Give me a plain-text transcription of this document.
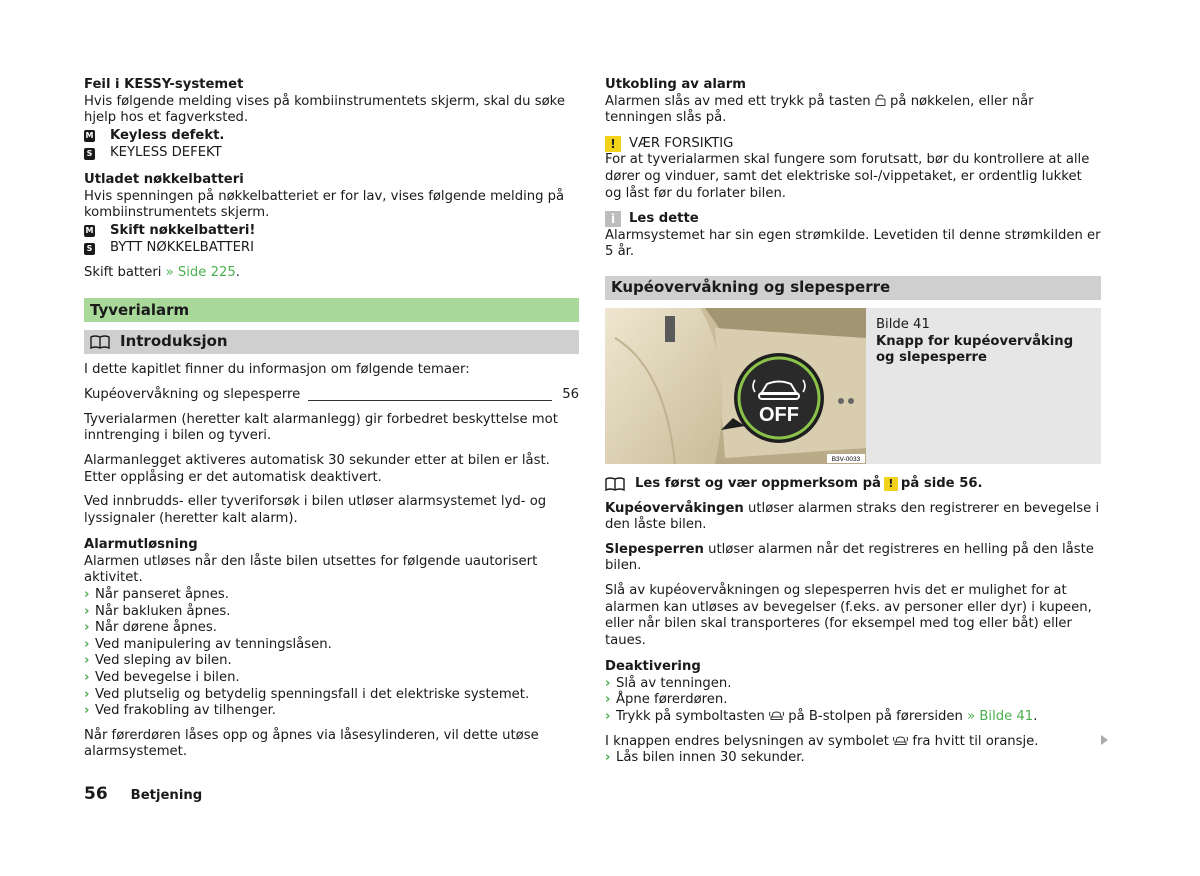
Feil i KESSY-systemet

Hvis følgende melding vises på kombiinstrumentets skjerm, skal du søke hjelp hos et fagverksted.

M Keyless defekt.
S KEYLESS DEFEKT

Utladet nøkkelbatteri

Hvis spenningen på nøkkelbatteriet er for lav, vises følgende melding på kombiinstrumentets skjerm.

M Skift nøkkelbatteri!
S BYTT NØKKELBATTERI

Skift batteri » Side 225.

Tyverialarm
Introduksjon

I dette kapitlet finner du informasjon om følgende temaer:

Kupéovervåkning og slepesperre	56

Tyverialarmen (heretter kalt alarmanlegg) gir forbedret beskyttelse mot inntrenging i bilen og tyveri.

Alarmanlegget aktiveres automatisk 30 sekunder etter at bilen er låst. Etter opplåsing er det automatisk deaktivert.

Ved innbrudds- eller tyveriforsøk i bilen utløser alarmsystemet lyd- og lyssignaler (heretter kalt alarm).

Alarmutløsning

Alarmen utløses når den låste bilen utsettes for følgende uautorisert aktivitet.

› Når panseret åpnes.
› Når bakluken åpnes.
› Når dørene åpnes.
› Ved manipulering av tenningslåsen.
› Ved sleping av bilen.
› Ved bevegelse i bilen.
› Ved plutselig og betydelig spenningsfall i det elektriske systemet.
› Ved frakobling av tilhenger.

Når førerdøren låses opp og åpnes via låsesylinderen, vil dette utøse alarmsystemet.

Utkobling av alarm

Alarmen slås av med ett trykk på tasten  på nøkkelen, eller når tenningen slås på.

!	VÆR FORSIKTIG

For at tyverialarmen skal fungere som forutsatt, bør du kontrollere at alle dører og vinduer, samt det elektriske sol-/vippetaket, er ordentlig lukket og låst før du forlater bilen.

i	Les dette

Alarmsystemet har sin egen strømkilde. Levetiden til denne strømkilden er 5 år.

Kupéovervåkning og slepesperre
OFF
B3V-0033

Bilde 41

Knapp for kupéovervåking og slepesperre

Les først og vær oppmerksom på ! på side 56.

Kupéovervåkingen utløser alarmen straks den registrerer en bevegelse i den låste bilen.

Slepesperren utløser alarmen når det registreres en helling på den låste bilen.

Slå av kupéovervåkningen og slepesperren hvis det er mulighet for at alarmen kan utløses av bevegelser (f.eks. av personer eller dyr) i kupeen, eller når bilen skal transporteres (for eksempel med tog eller båt) eller taues.

Deaktivering

› Slå av tenningen.
› Åpne førerdøren.
› Trykk på symboltasten  på B-stolpen på førersiden » Bilde 41.

I knappen endres belysningen av symbolet  fra hvitt til oransje.

› Lås bilen innen 30 sekunder.
56 Betjening
